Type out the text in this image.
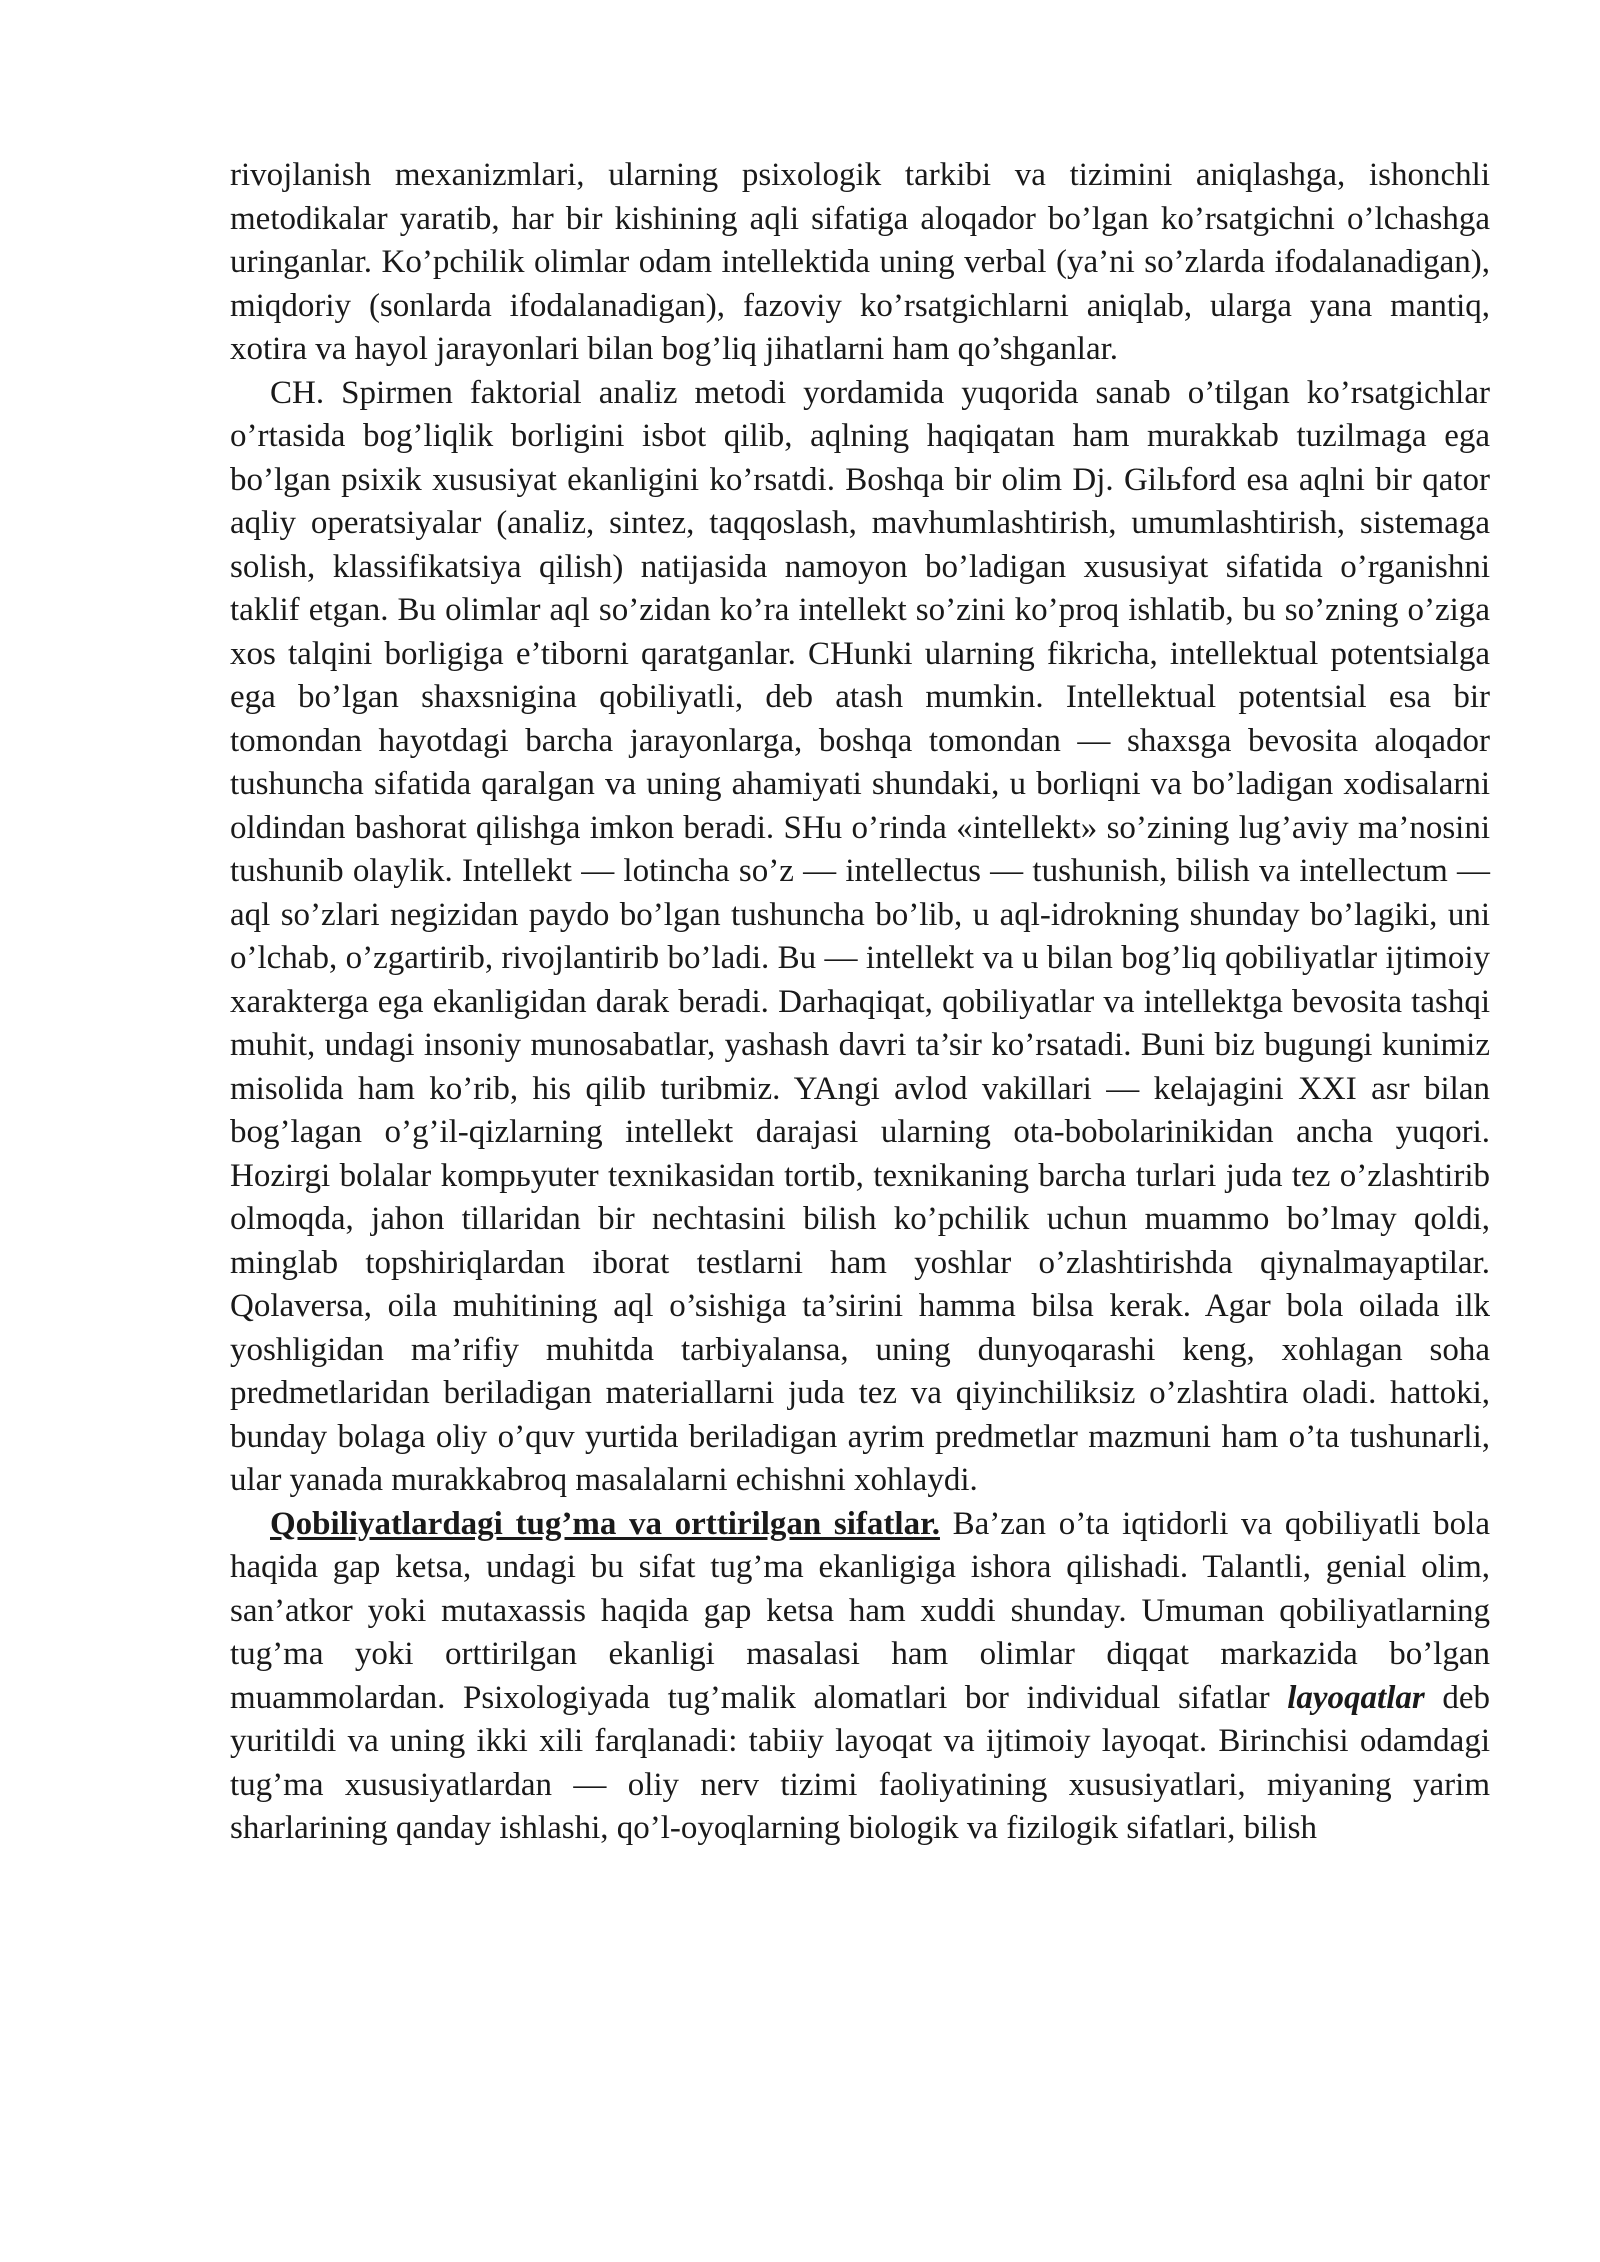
rivojlanish mexanizmlari, ularning psixologik tarkibi va tizimini aniqlashga, ishonchli metodikalar yaratib, har bir kishining aqli sifatiga aloqador bo’lgan ko’rsatgichni o’lchashga uringanlar. Ko’pchilik olimlar odam intellektida uning verbal (ya’ni so’zlarda ifodalanadigan), miqdoriy (sonlarda ifodalanadigan), fazoviy ko’rsatgichlarni aniqlab, ularga yana mantiq, xotira va hayol jarayonlari bilan bog’liq jihatlarni ham qo’shganlar.

CH. Spirmen faktorial analiz metodi yordamida yuqorida sanab o’tilgan ko’rsatgichlar o’rtasida bog’liqlik borligini isbot qilib, aqlning haqiqatan ham murakkab tuzilmaga ega bo’lgan psixik xususiyat ekanligini ko’rsatdi. Boshqa bir olim Dj. Gilьford esa aqlni bir qator aqliy operatsiyalar (analiz, sintez, taqqoslash, mavhumlashtirish, umumlashtirish, sistemaga solish, klassifikatsiya qilish) natijasida namoyon bo’ladigan xususiyat sifatida o’rganishni taklif etgan. Bu olimlar aql so’zidan ko’ra intellekt so’zini ko’proq ishlatib, bu so’zning o’ziga xos talqini borligiga e’tiborni qaratganlar. CHunki ularning fikricha, intellektual potentsialga ega bo’lgan shaxsnigina qobiliyatli, deb atash mumkin. Intellektual potentsial esa bir tomondan hayotdagi barcha jarayonlarga, boshqa tomondan — shaxsga bevosita aloqador tushuncha sifatida qaralgan va uning ahamiyati shundaki, u borliqni va bo’ladigan xodisalarni oldindan bashorat qilishga imkon beradi. SHu o’rinda «intellekt» so’zining lug’aviy ma’nosini tushunib olaylik. Intellekt — lotincha so’z — intellectus — tushunish, bilish va intellectum — aql so’zlari negizidan paydo bo’lgan tushuncha bo’lib, u aql-idrokning shunday bo’lagiki, uni o’lchab, o’zgartirib, rivojlantirib bo’ladi. Bu — intellekt va u bilan bog’liq qobiliyatlar ijtimoiy xarakterga ega ekanligidan darak beradi. Darhaqiqat, qobiliyatlar va intellektga bevosita tashqi muhit, undagi insoniy munosabatlar, yashash davri ta’sir ko’rsatadi. Buni biz bugungi kunimiz misolida ham ko’rib, his qilib turibmiz. YAngi avlod vakillari — kelajagini XXI asr bilan bog’lagan o’g’il-qizlarning intellekt darajasi ularning ota-bobolarinikidan ancha yuqori. Hozirgi bolalar kompьyuter texnikasidan tortib, texnikaning barcha turlari juda tez o’zlashtirib olmoqda, jahon tillaridan bir nechtasini bilish ko’pchilik uchun muammo bo’lmay qoldi, minglab topshiriqlardan iborat testlarni ham yoshlar o’zlashtirishda qiynalmayaptilar. Qolaversa, oila muhitining aql o’sishiga ta’sirini hamma bilsa kerak. Agar bola oilada ilk yoshligidan ma’rifiy muhitda tarbiyalansa, uning dunyoqarashi keng, xohlagan soha predmetlaridan beriladigan materiallarni juda tez va qiyinchiliksiz o’zlashtira oladi. hattoki, bunday bolaga oliy o’quv yurtida beriladigan ayrim predmetlar mazmuni ham o’ta tushunarli, ular yanada murakkabroq masalalarni echishni xohlaydi.

Qobiliyatlardagi tug’ma va orttirilgan sifatlar. Ba’zan o’ta iqtidorli va qobiliyatli bola haqida gap ketsa, undagi bu sifat tug’ma ekanligiga ishora qilishadi. Talantli, genial olim, san’atkor yoki mutaxassis haqida gap ketsa ham xuddi shunday. Umuman qobiliyatlarning tug’ma yoki orttirilgan ekanligi masalasi ham olimlar diqqat markazida bo’lgan muammolardan. Psixologiyada tug’malik alomatlari bor individual sifatlar layoqatlar deb yuritildi va uning ikki xili farqlanadi: tabiiy layoqat va ijtimoiy layoqat. Birinchisi odamdagi tug’ma xususiyatlardan — oliy nerv tizimi faoliyatining xususiyatlari, miyaning yarim sharlarining qanday ishlashi, qo’l-oyoqlarning biologik va fizilogik sifatlari, bilish
